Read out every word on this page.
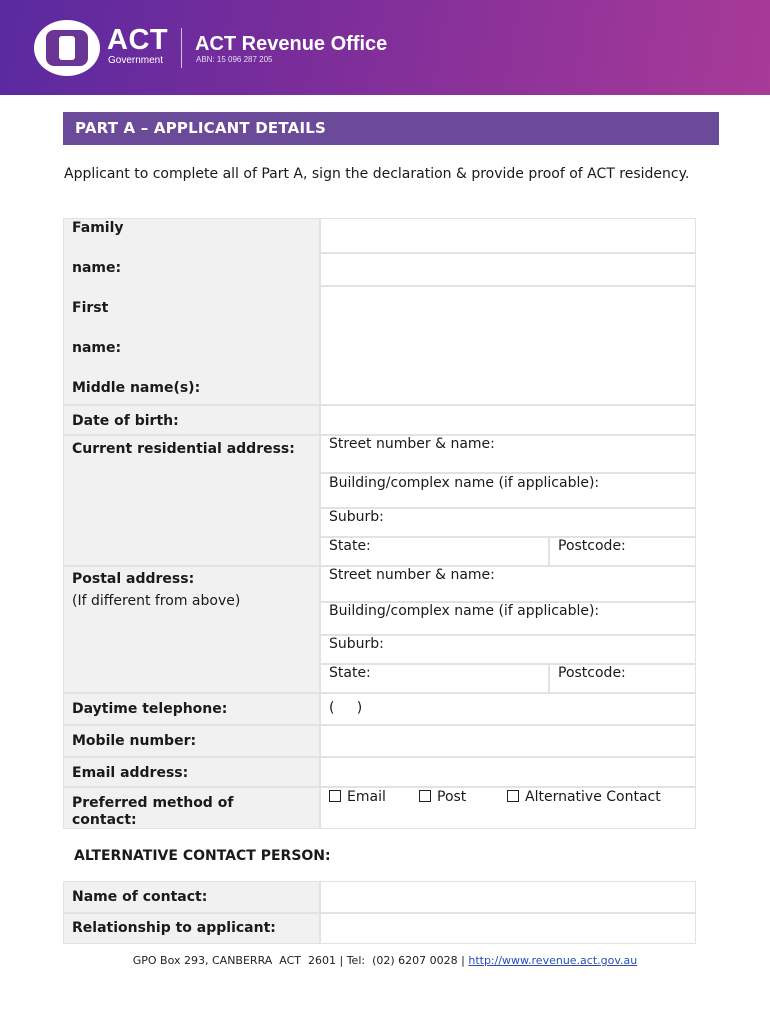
ACT
Government
ACT Revenue Office
ABN: 15 096 287 205
PART A – APPLICANT DETAILS
Applicant to complete all of Part A, sign the declaration & provide proof of ACT residency.
Family
name:
First
name:
Middle name(s):
Date of birth:
Current residential address:	Street number & name:
Building/complex name (if applicable):
Suburb:
State:	Postcode:
Postal address:
(If different from above)
Street number & name:
Building/complex name (if applicable):
Suburb:
State:	Postcode:
Daytime telephone:	(     )
Mobile number:
Email address:
Preferred method of
contact:
Email	Post	Alternative Contact
ALTERNATIVE CONTACT PERSON:
Name of contact:
Relationship to applicant:
GPO Box 293, CANBERRA  ACT  2601 | Tel:  (02) 6207 0028 | http://www.revenue.act.gov.au
